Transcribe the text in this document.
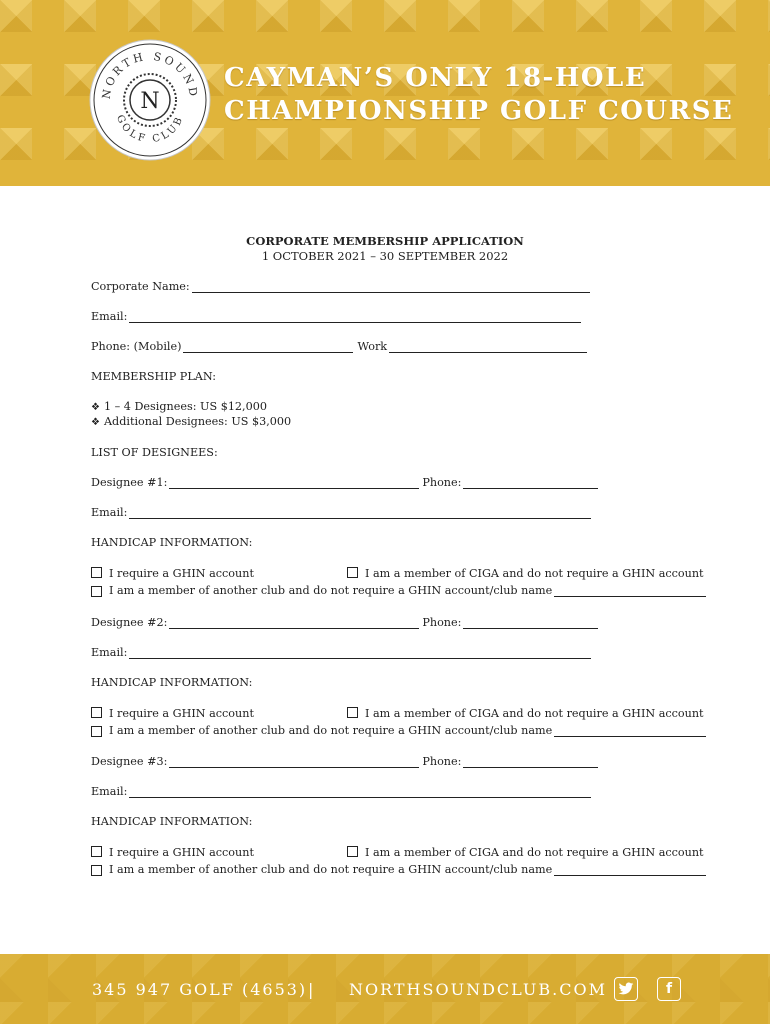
NORTH SOUND
GOLF CLUB
N
CAYMAN’S ONLY 18-HOLE
CHAMPIONSHIP GOLF COURSE
CORPORATE MEMBERSHIP APPLICATION
1 OCTOBER 2021 – 30 SEPTEMBER 2022
Corporate Name:
Email:
Phone: (Mobile)	Work
MEMBERSHIP PLAN:
❖ 1 – 4 Designees: US $12,000
❖ Additional Designees: US $3,000
LIST OF DESIGNEES:
Designee #1:	Phone:
Email:
HANDICAP INFORMATION:
I require a GHIN account	I am a member of CIGA and do not require a GHIN account
I am a member of another club and do not require a GHIN account/club name
Designee #2:	Phone:
Email:
HANDICAP INFORMATION:
I require a GHIN account	I am a member of CIGA and do not require a GHIN account
I am a member of another club and do not require a GHIN account/club name
Designee #3:	Phone:
Email:
HANDICAP INFORMATION:
I require a GHIN account	I am a member of CIGA and do not require a GHIN account
I am a member of another club and do not require a GHIN account/club name
345 947 GOLF (4653) | NORTHSOUNDCLUB.COM	f
